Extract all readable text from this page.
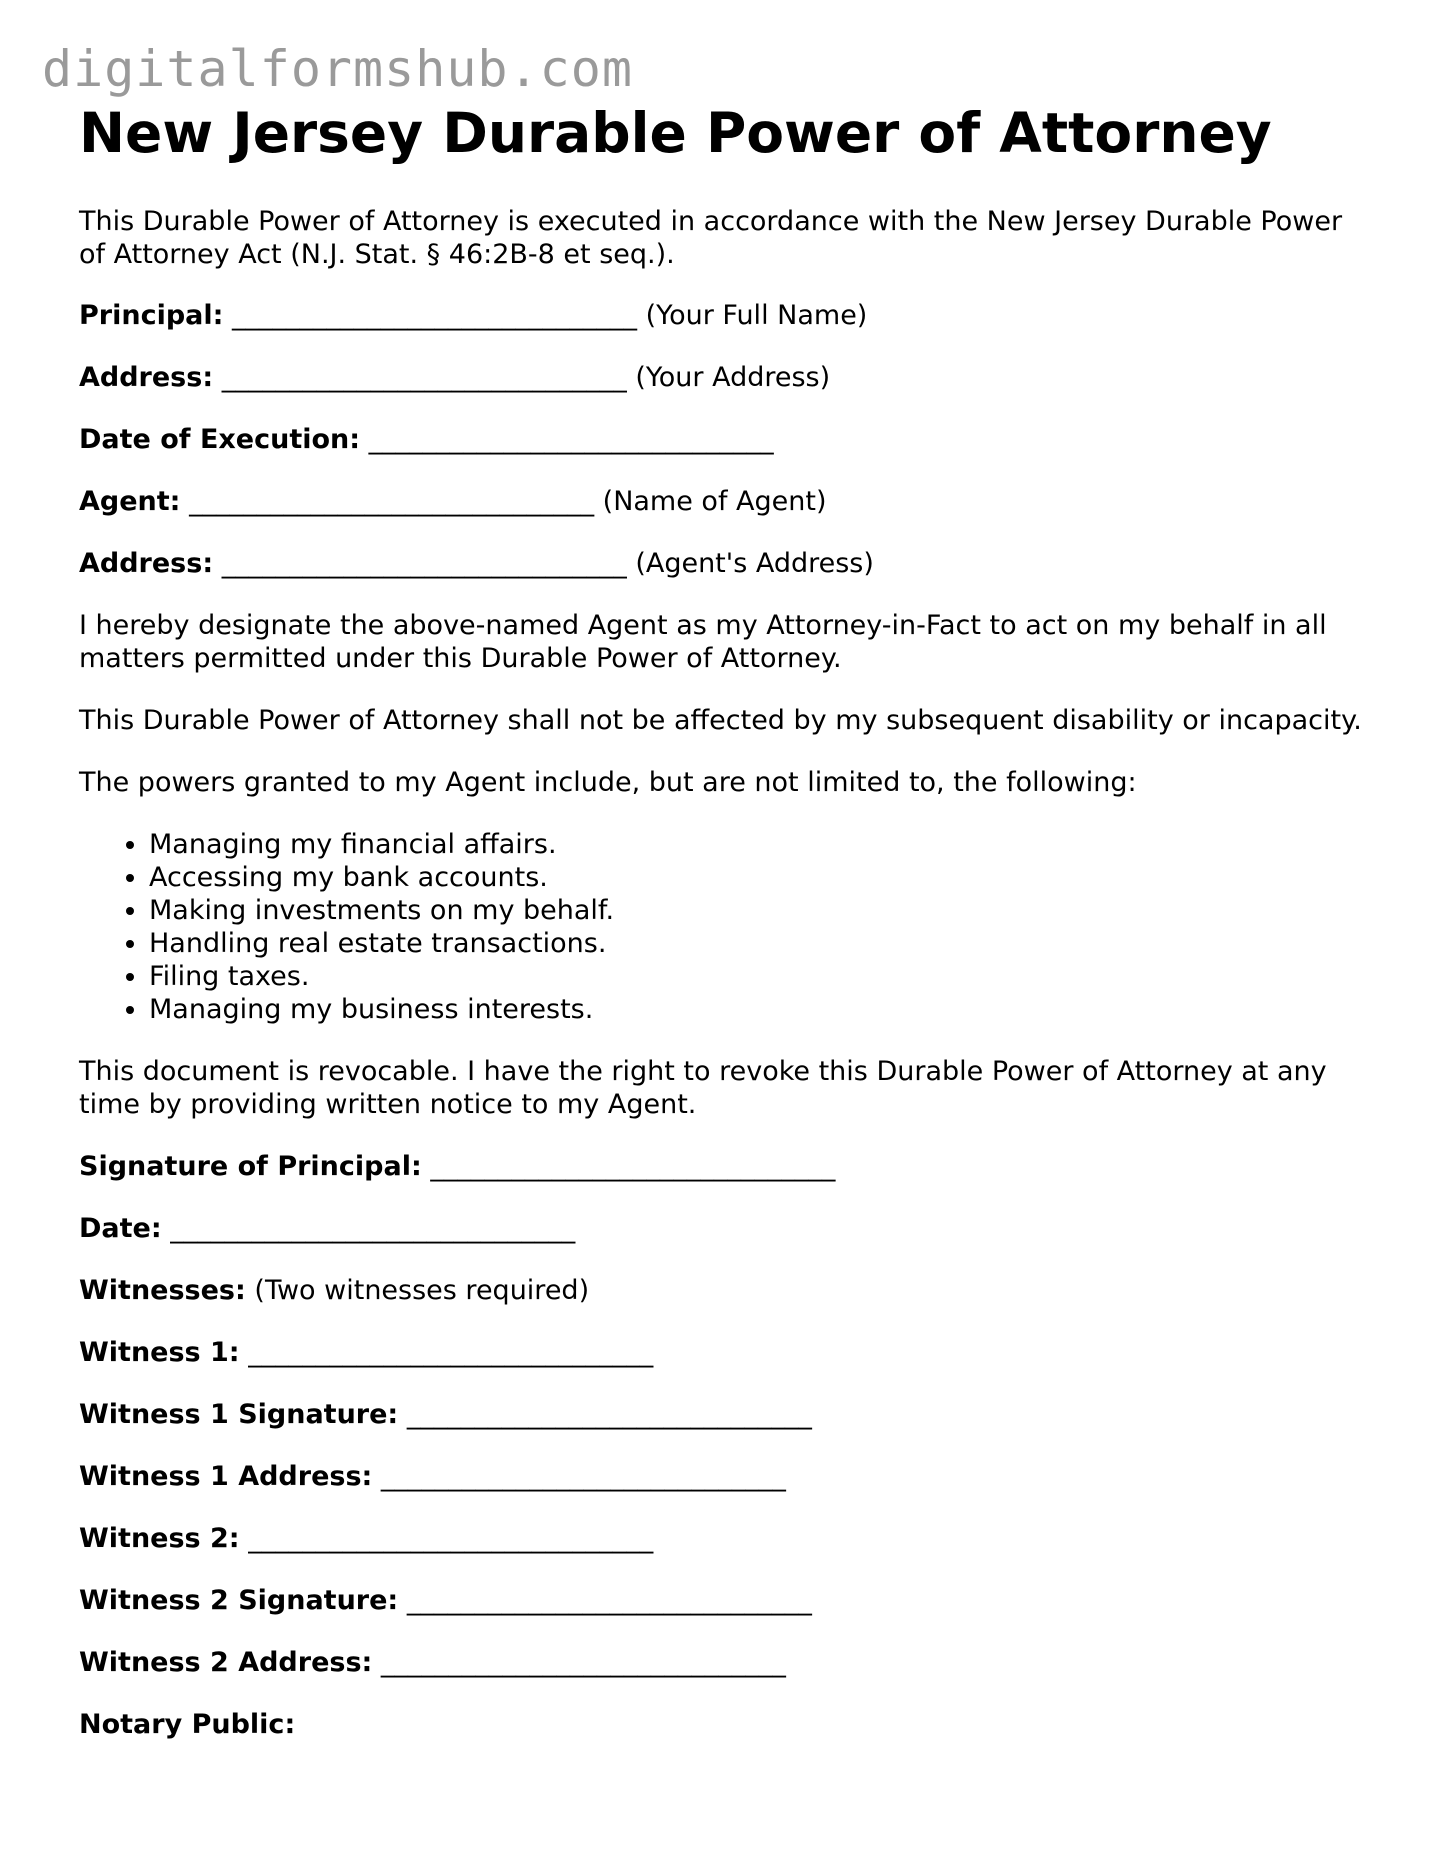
digitalformshub.com
New Jersey Durable Power of Attorney

This Durable Power of Attorney is executed in accordance with the New Jersey Durable Power of Attorney Act (N.J. Stat. § 46:2B-8 et seq.).

Principal: ______________________________ (Your Full Name)
Address: ______________________________ (Your Address)
Date of Execution: ______________________________
Agent: ______________________________ (Name of Agent)
Address: ______________________________ (Agent's Address)

I hereby designate the above-named Agent as my Attorney-in-Fact to act on my behalf in all matters permitted under this Durable Power of Attorney.

This Durable Power of Attorney shall not be affected by my subsequent disability or incapacity.

The powers granted to my Agent include, but are not limited to, the following:

• Managing my financial affairs.
• Accessing my bank accounts.
• Making investments on my behalf.
• Handling real estate transactions.
• Filing taxes.
• Managing my business interests.

This document is revocable. I have the right to revoke this Durable Power of Attorney at any time by providing written notice to my Agent.

Signature of Principal: ______________________________
Date: ______________________________
Witnesses: (Two witnesses required)
Witness 1: ______________________________
Witness 1 Signature: ______________________________
Witness 1 Address: ______________________________
Witness 2: ______________________________
Witness 2 Signature: ______________________________
Witness 2 Address: ______________________________
Notary Public:
